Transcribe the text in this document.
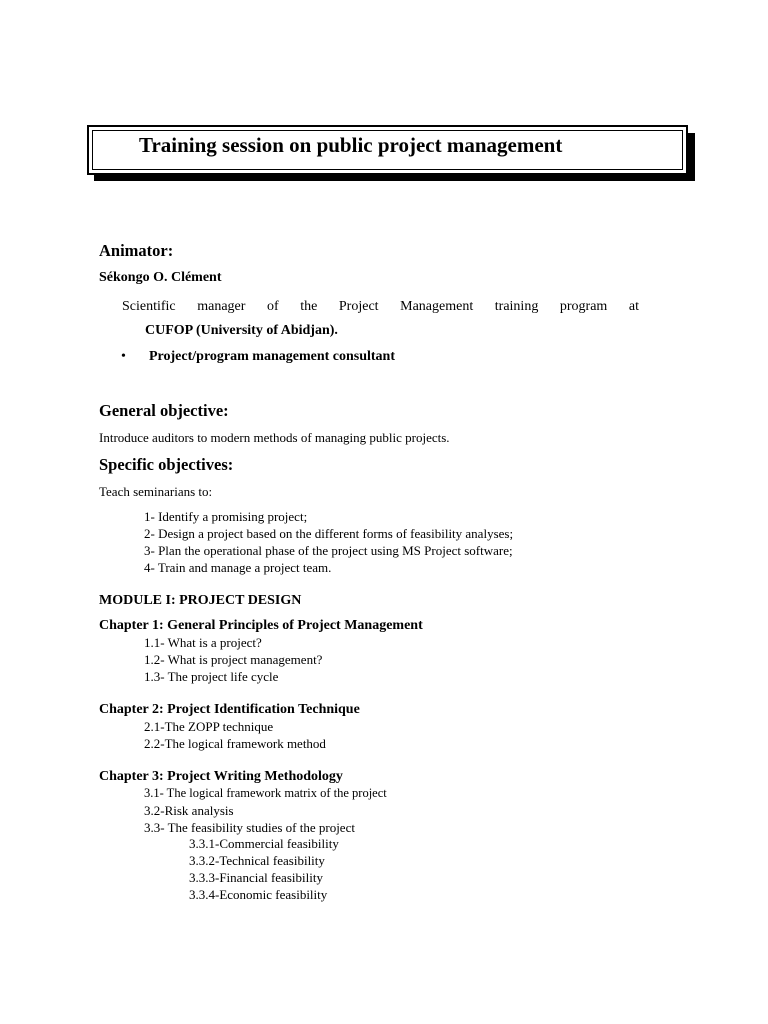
Training session on public project management
Animator:
Sékongo O. Clément
Scientific manager of the Project Management training program at
CUFOP (University of Abidjan).
• Project/program management consultant
General objective:
Introduce auditors to modern methods of managing public projects.
Specific objectives:
Teach seminarians to:
1- Identify a promising project;
2- Design a project based on the different forms of feasibility analyses;
3- Plan the operational phase of the project using MS Project software;
4- Train and manage a project team.
MODULE I: PROJECT DESIGN
Chapter 1: General Principles of Project Management
1.1- What is a project?
1.2- What is project management?
1.3- The project life cycle
Chapter 2: Project Identification Technique
2.1-The ZOPP technique
2.2-The logical framework method
Chapter 3: Project Writing Methodology
3.1- The logical framework matrix of the project
3.2-Risk analysis
3.3- The feasibility studies of the project
3.3.1-Commercial feasibility
3.3.2-Technical feasibility
3.3.3-Financial feasibility
3.3.4-Economic feasibility
